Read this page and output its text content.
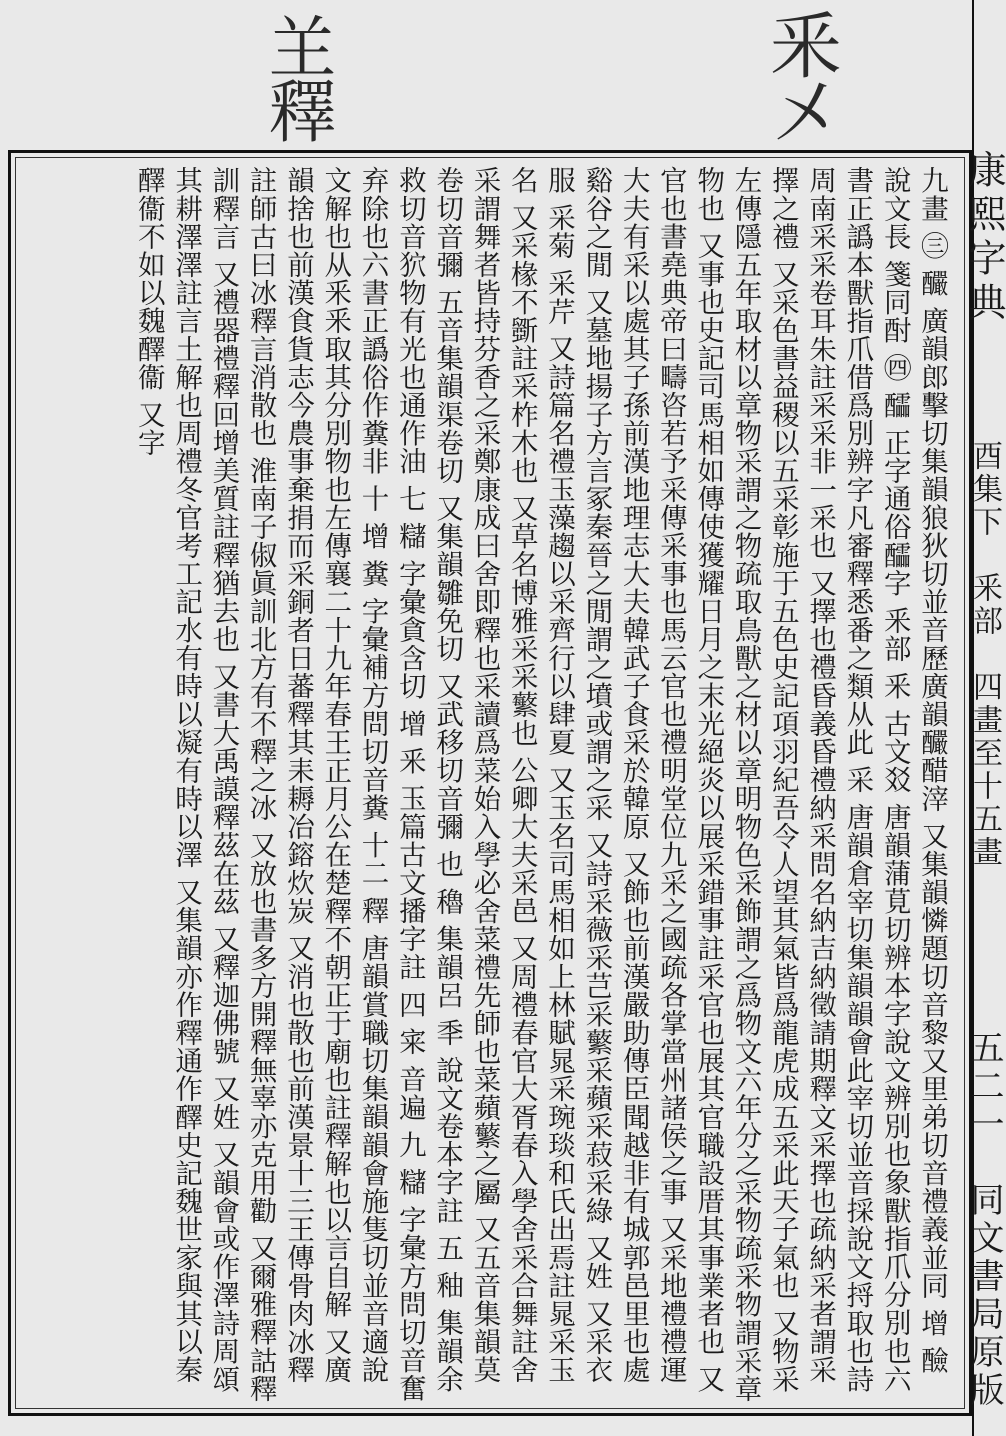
釆㐅
𦍌釋
九畫 ㊂ 釅 廣韻郎擊切集韻狼狄切並音歷廣韻釅醋滓 又集韻憐題切音黎又里弟切音禮義並同 增 醶 說文長 箋同酎 ㊃ 醽 正字通俗醽字 釆部 釆 古文㸚 唐韻蒲莧切辨本字說文辨別也象獸指爪分別也六書正譌本獸指爪借爲別辨字凡審釋悉番之類从此 采 唐韻倉宰切集韻韻會此宰切並音採說文捋取也詩周南采采卷耳朱註采采非一采也 又擇也禮昏義昏禮納采問名納吉納徵請期釋文采擇也疏納采者謂采擇之禮 又采色書益稷以五采彰施于五色史記項羽紀吾令人望其氣皆爲龍虎成五采此天子氣也 又物采左傳隱五年取材以章物采謂之物疏取鳥獸之材以章明物色采飾謂之爲物文六年分之采物疏采物謂采章物也 又事也史記司馬相如傳使獲耀日月之末光絕炎以展采錯事註采官也展其官職設厝其事業者也 又官也書堯典帝曰疇咨若予采傳采事也馬云官也禮明堂位九采之國疏各掌當州諸侯之事 又采地禮禮運大夫有采以處其子孫前漢地理志大夫韓武子食采於韓原 又飾也前漢嚴助傳臣聞越非有城郭邑里也處谿谷之閒 又墓地揚子方言冢秦晉之閒謂之墳或謂之采 又詩采薇采芑采蘩采蘋采菽采綠 又姓 又采衣服 采菊 采芹 又詩篇名禮玉藻趨以采齊行以肆夏 又玉名司馬相如上林賦晁采琬琰和氏出焉註晁采玉名 又采椽不斵註采柞木也 又草名博雅采采蘩也 公卿大夫采邑 又周禮春官大胥春入學舍采合舞註舍采謂舞者皆持芬香之采鄭康成曰舍即釋也采讀爲菜始入學必舍菜禮先師也菜蘋蘩之屬 又五音集韻莫卷切音彌 五音集韻渠卷切 又集韻雛免切 又武移切音彌 也 穭 集韻呂 秊 說文卷本字註 五 釉 集韻余救切音狖物有光也通作油 七 䊰 字彙貪含切 增 釆 玉篇古文播字註 四 宷 音遍 九 䊰 字彙方問切音奮弃除也六書正譌俗作糞非 十 增 糞 字彙補方問切音糞 十二 釋 唐韻賞職切集韻韻會施隻切並音適說文解也从釆釆取其分別物也左傳襄二十九年春王正月公在楚釋不朝正于廟也註釋解也以言自解 又廣韻捨也前漢食貨志今農事棄捐而采銅者日蕃釋其耒耨冶鎔炊炭 又消也散也前漢景十三王傳骨肉冰釋註師古曰冰釋言消散也 淮南子俶眞訓北方有不釋之冰 又放也書多方開釋無辜亦克用勸 又爾雅釋詁釋訓釋言 又禮器禮釋回增美質註釋猶去也 又書大禹謨釋茲在茲 又釋迦佛號 又姓 又韻會或作澤詩周頌其耕澤澤註言土解也周禮冬官考工記水有時以凝有時以澤 又集韻亦作釋通作醳史記魏世家與其以秦醳衞不如以魏醳衞 又字	康熙字典
酉集下　釆部　四畫至十五畫
五二一　同文書局原版
